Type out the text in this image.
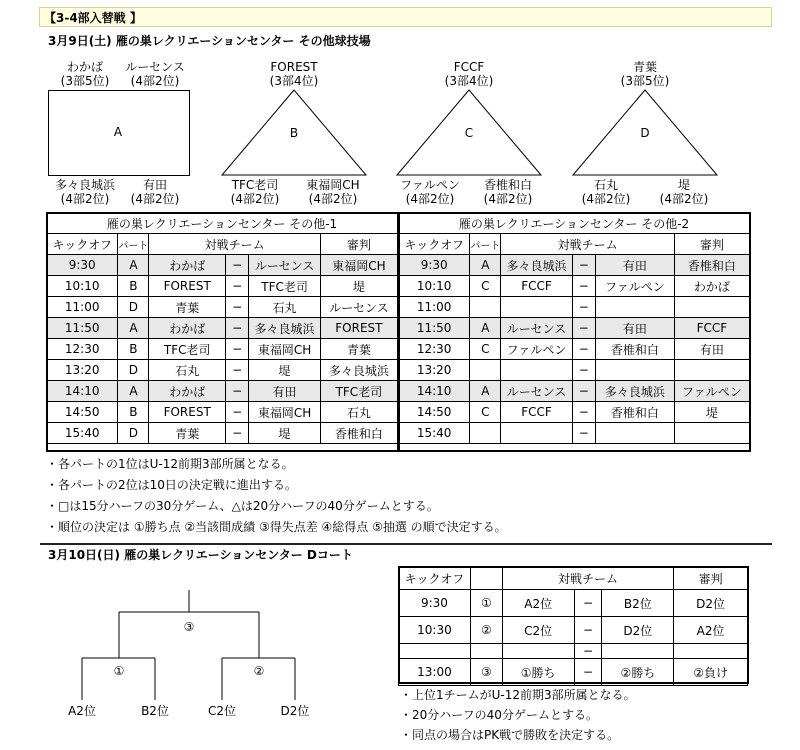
【3-4部入替戦 】
3月9日(土) 雁の巣レクリエーションセンター その他球技場
わかば
(3部5位)
ルーセンス
(4部2位)
A
多々良城浜
(4部2位)
有田
(4部2位)
FOREST
(3部4位)
B
TFC老司
(4部2位)
東福岡CH
(4部2位)
FCCF
(3部4位)
C
ファルペン
(4部2位)
香椎和白
(4部2位)
青葉
(3部5位)
D
石丸
(4部2位)
堤
(4部2位)
雁の巣レクリエーションセンター その他-1					
キックオフ	パート	対戦チーム			審判
9:30	A	わかば	−	ルーセンス	東福岡CH
10:10	B	FOREST	−	TFC老司	堤
11:00	D	青葉	−	石丸	ルーセンス
11:50	A	わかば	−	多々良城浜	FOREST
12:30	B	TFC老司	−	東福岡CH	青葉
13:20	D	石丸	−	堤	多々良城浜
14:10	A	わかば	−	有田	TFC老司
14:50	B	FOREST	−	東福岡CH	石丸
15:40	D	青葉	−	堤	香椎和白
雁の巣レクリエーションセンター その他-2					
キックオフ	パート	対戦チーム			審判
9:30	A	多々良城浜	−	有田	香椎和白
10:10	C	FCCF	−	ファルペン	わかば
11:00			−		
11:50	A	ルーセンス	−	有田	FCCF
12:30	C	ファルペン	−	香椎和白	有田
13:20			−		
14:10	A	ルーセンス	−	多々良城浜	ファルペン
14:50	C	FCCF	−	香椎和白	堤
15:40			−		
・各パートの1位はU-12前期3部所属となる。
・各パートの2位は10日の決定戦に進出する。
・□は15分ハーフの30分ゲーム、△は20分ハーフの40分ゲームとする。
・順位の決定は ①勝ち点 ②当該間成績 ③得失点差 ④総得点 ⑤抽選 の順で決定する。
3月10日(日) 雁の巣レクリエーションセンター Dコート
③
①	②
A2位	B2位	C2位	D2位
キックオフ		対戦チーム			審判
9:30	①	A2位	−	B2位	D2位
10:30	②	C2位	−	D2位	A2位
			−		
13:00	③	①勝ち	−	②勝ち	②負け
・上位1チームがU-12前期3部所属となる。
・20分ハーフの40分ゲームとする。
・同点の場合はPK戦で勝敗を決定する。
